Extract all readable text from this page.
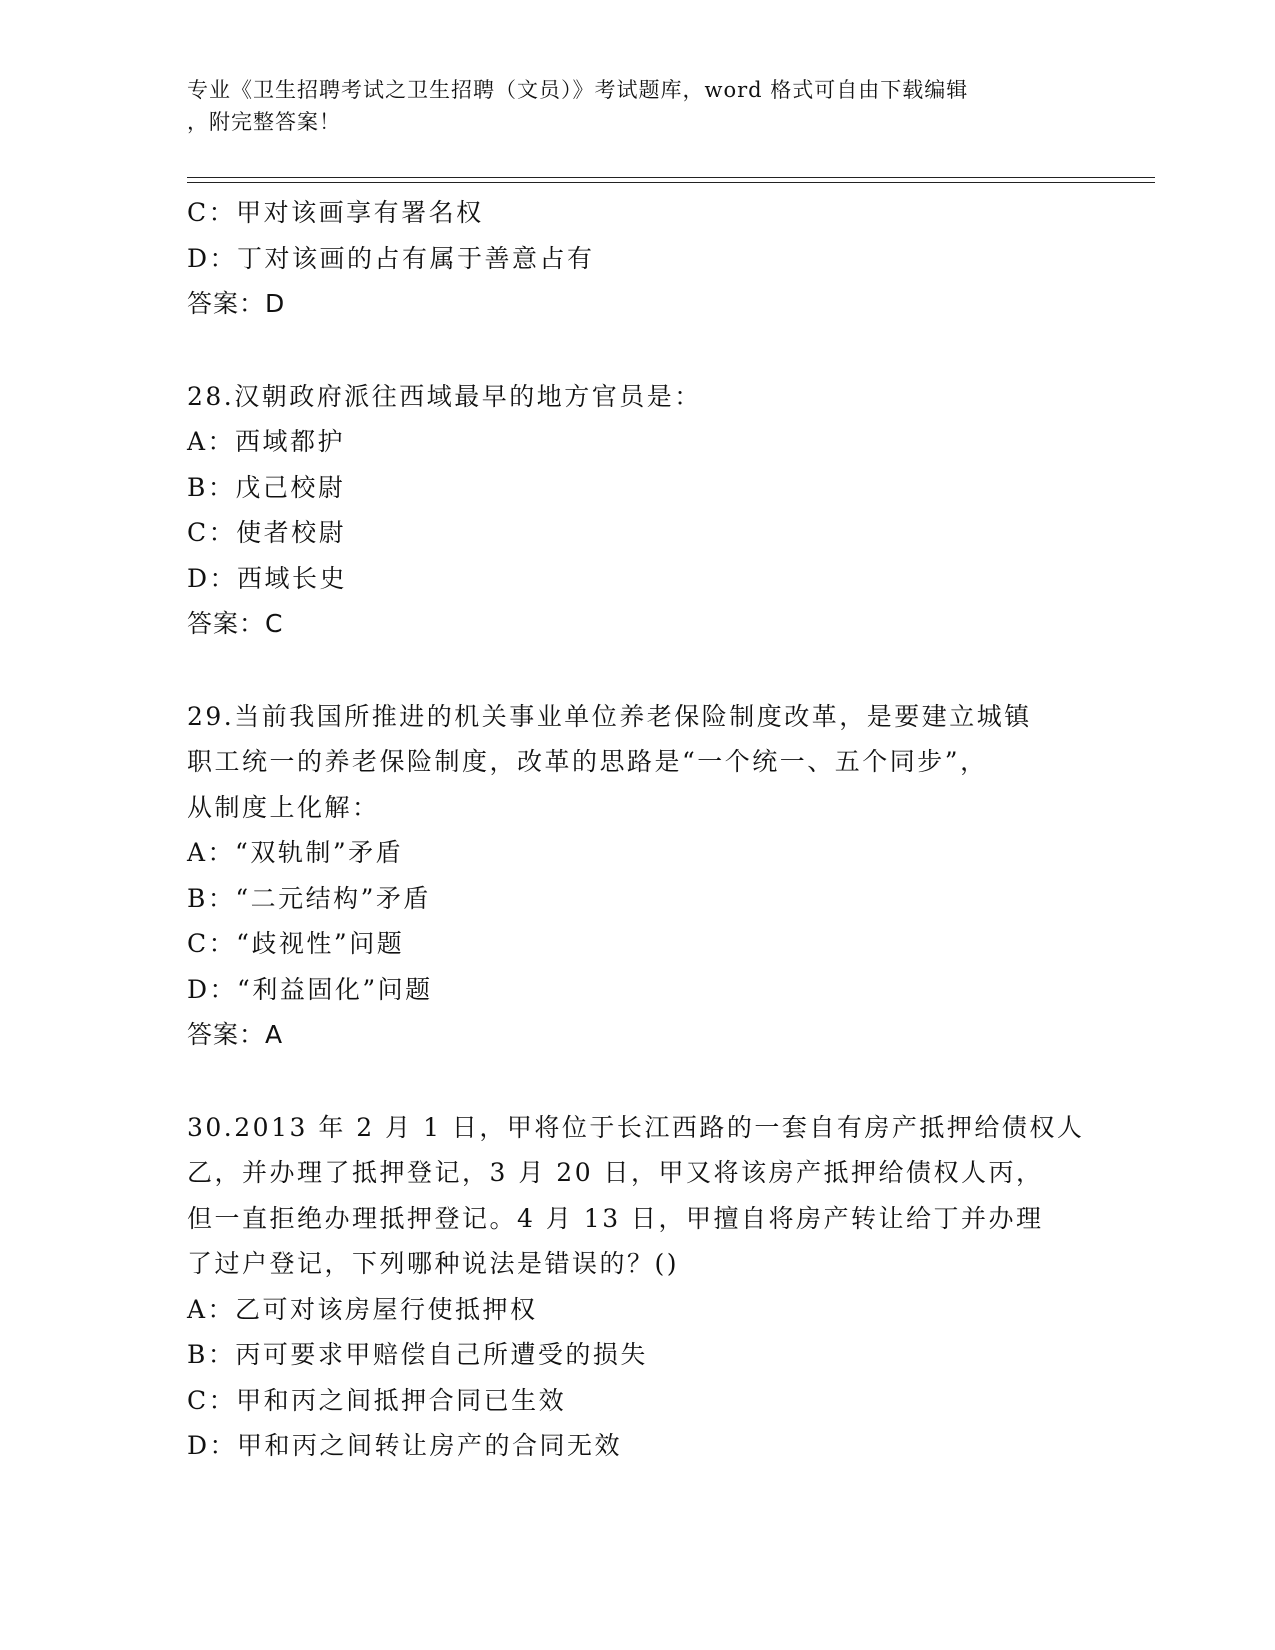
专业《卫生招聘考试之卫生招聘（文员）》考试题库，word 格式可自由下载编辑
，附完整答案！
C：甲对该画享有署名权
D：丁对该画的占有属于善意占有
答案：D
28.汉朝政府派往西域最早的地方官员是：
A：西域都护
B：戊己校尉
C：使者校尉
D：西域长史
答案：C
29.当前我国所推进的机关事业单位养老保险制度改革，是要建立城镇
职工统一的养老保险制度，改革的思路是“一个统一、五个同步”，
从制度上化解：
A：“双轨制”矛盾
B：“二元结构”矛盾
C：“歧视性”问题
D：“利益固化”问题
答案：A
30.2013 年 2 月 1 日，甲将位于长江西路的一套自有房产抵押给债权人
乙，并办理了抵押登记，3 月 20 日，甲又将该房产抵押给债权人丙，
但一直拒绝办理抵押登记。4 月 13 日，甲擅自将房产转让给丁并办理
了过户登记，下列哪种说法是错误的？()
A：乙可对该房屋行使抵押权
B：丙可要求甲赔偿自己所遭受的损失
C：甲和丙之间抵押合同已生效
D：甲和丙之间转让房产的合同无效
